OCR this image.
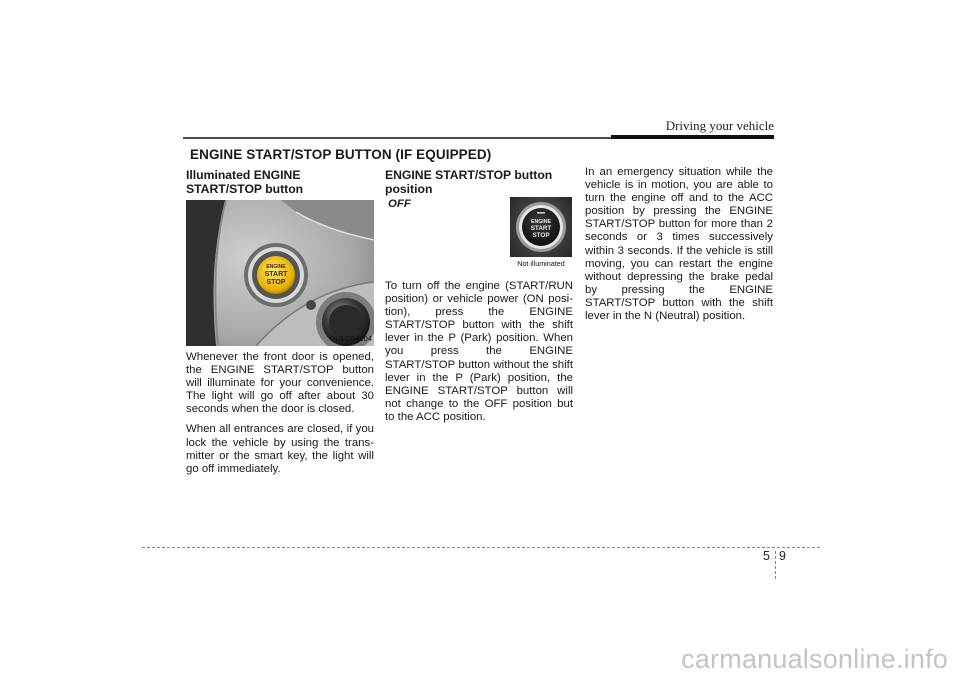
Driving your vehicle
ENGINE START/STOP BUTTON (IF EQUIPPED)
Illuminated ENGINE
START/STOP button
ENGINE
START
STOP
OUM054004

Whenever the front door is opened, the ENGINE START/STOP button will illuminate for your convenience. The light will go off after about 30 seconds when the door is closed.

When all entrances are closed, if you lock the vehicle by using the trans-mitter or the smart key, the light will go off immediately.

ENGINE START/STOP button
position
OFF
ENGINE
START
STOP
Not illuminated

To turn off the engine (START/RUN position) or vehicle power (ON posi-tion), press the ENGINE START/STOP button with the shift lever in the P (Park) position. When you press the ENGINE START/STOP button without the shift lever in the P (Park) position, the ENGINE START/STOP button will not change to the OFF position but to the ACC position.

In an emergency situation while the vehicle is in motion, you are able to turn the engine off and to the ACC position by pressing the ENGINE START/STOP button for more than 2 seconds or 3 times successively within 3 seconds. If the vehicle is still moving, you can restart the engine without depressing the brake pedal by pressing the ENGINE START/STOP button with the shift lever in the N (Neutral) position.

5 9
carmanualsonline.info
